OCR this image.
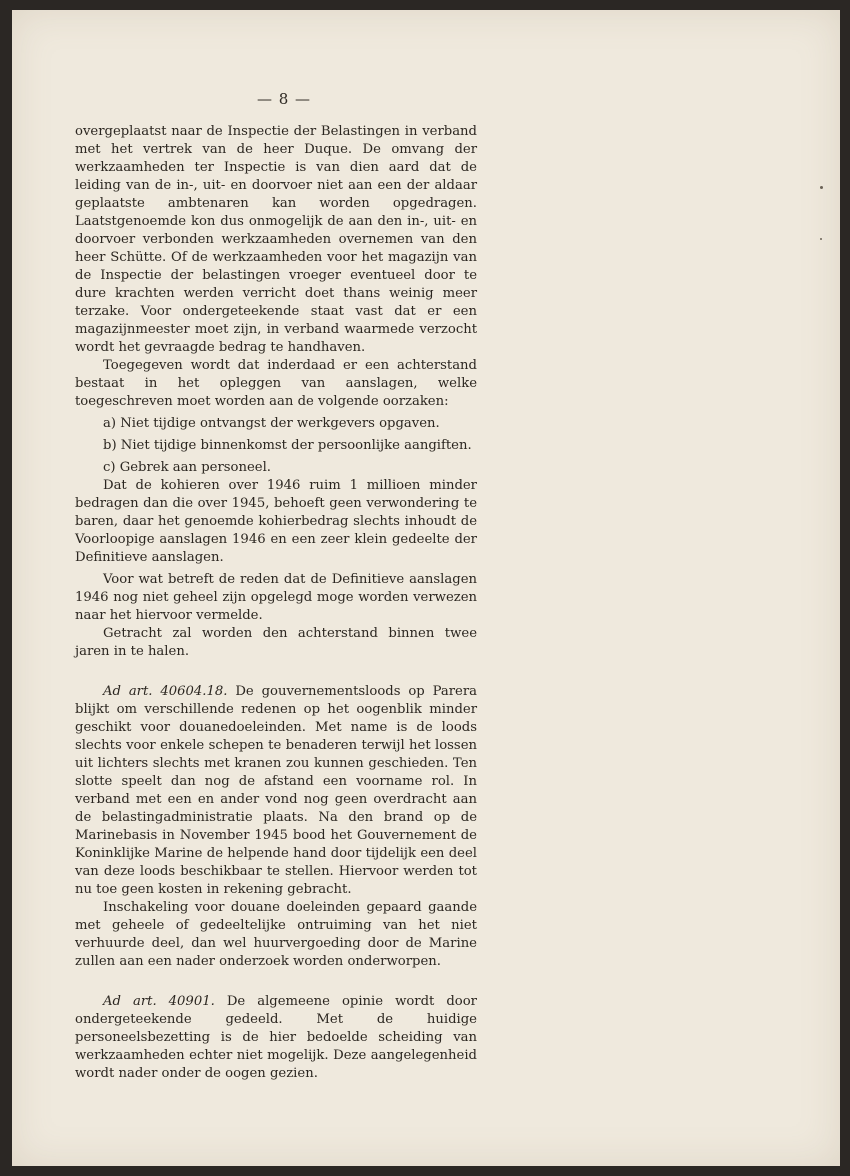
— 8 —

overgeplaatst naar de Inspectie der Belastingen in verband met het vertrek van de heer Duque. De omvang der werkzaamheden ter Inspectie is van dien aard dat de leiding van de in-, uit- en doorvoer niet aan een der aldaar geplaatste ambtenaren kan worden opgedragen. Laatstgenoemde kon dus onmogelijk de aan den in-, uit- en doorvoer verbonden werkzaamheden overnemen van den heer Schütte. Of de werkzaamheden voor het magazijn van de Inspectie der belastingen vroeger eventueel door te dure krachten werden verricht doet thans weinig meer terzake. Voor ondergeteekende staat vast dat er een magazijnmeester moet zijn, in verband waarmede verzocht wordt het gevraagde bedrag te handhaven.

Toegegeven wordt dat inderdaad er een achterstand bestaat in het opleggen van aanslagen, welke toegeschreven moet worden aan de volgende oorzaken:

a) Niet tijdige ontvangst der werkgevers opgaven.

b) Niet tijdige binnenkomst der persoonlijke aangiften.

c) Gebrek aan personeel.

Dat de kohieren over 1946 ruim 1 millioen minder bedragen dan die over 1945, behoeft geen verwondering te baren, daar het genoemde kohierbedrag slechts inhoudt de Voorloopige aanslagen 1946 en een zeer klein gedeelte der Definitieve aanslagen.

Voor wat betreft de reden dat de Definitieve aanslagen 1946 nog niet geheel zijn opgelegd moge worden verwezen naar het hiervoor vermelde.

Getracht zal worden den achterstand binnen twee jaren in te halen.

Ad art. 40604.18. De gouvernementsloods op Parera blijkt om verschillende redenen op het oogenblik minder geschikt voor douanedoeleinden. Met name is de loods slechts voor enkele schepen te benaderen terwijl het lossen uit lichters slechts met kranen zou kunnen geschieden. Ten slotte speelt dan nog de afstand een voorname rol. In verband met een en ander vond nog geen overdracht aan de belastingadministratie plaats. Na den brand op de Marinebasis in November 1945 bood het Gouvernement de Koninklijke Marine de helpende hand door tijdelijk een deel van deze loods beschikbaar te stellen. Hiervoor werden tot nu toe geen kosten in rekening gebracht.

Inschakeling voor douane doeleinden gepaard gaande met geheele of gedeeltelijke ontruiming van het niet verhuurde deel, dan wel huurvergoeding door de Marine zullen aan een nader onderzoek worden onderworpen.

Ad art. 40901. De algemeene opinie wordt door ondergeteekende gedeeld. Met de huidige personeelsbezetting is de hier bedoelde scheiding van werkzaamheden echter niet mogelijk. Deze aangelegenheid wordt nader onder de oogen gezien.
